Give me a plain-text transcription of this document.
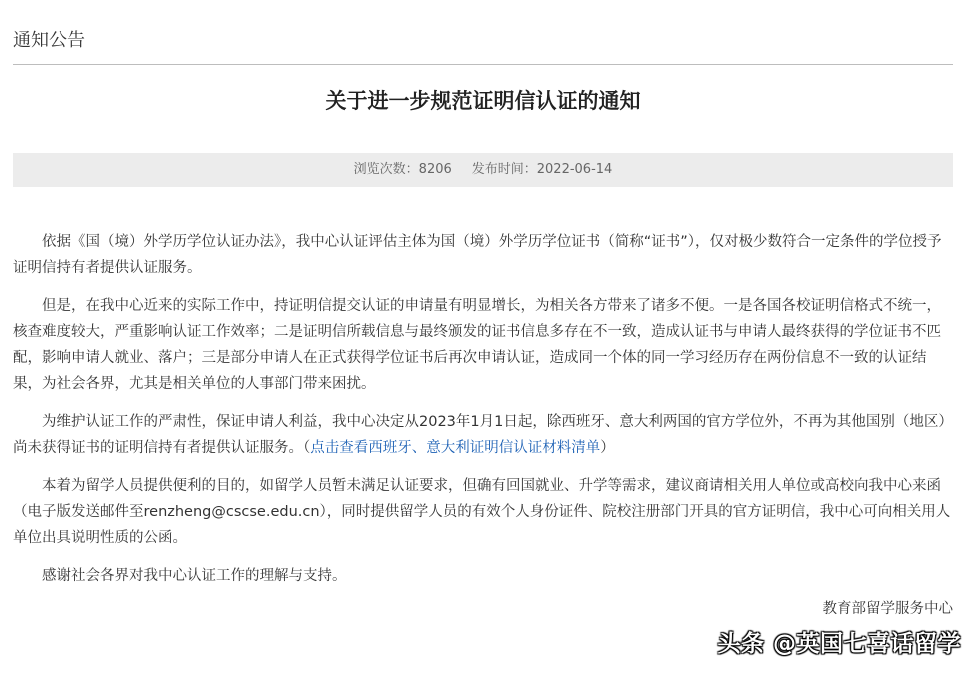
通知公告
关于进一步规范证明信认证的通知
浏览次数：8206 发布时间：2022-06-14

依据《国（境）外学历学位认证办法》，我中心认证评估主体为国（境）外学历学位证书（简称“证书”），仅对极少数符合一定条件的学位授予证明信持有者提供认证服务。

但是，在我中心近来的实际工作中，持证明信提交认证的申请量有明显增长，为相关各方带来了诸多不便。一是各国各校证明信格式不统一，核查难度较大，严重影响认证工作效率；二是证明信所载信息与最终颁发的证书信息多存在不一致，造成认证书与申请人最终获得的学位证书不匹配，影响申请人就业、落户；三是部分申请人在正式获得学位证书后再次申请认证，造成同一个体的同一学习经历存在两份信息不一致的认证结果，为社会各界，尤其是相关单位的人事部门带来困扰。

为维护认证工作的严肃性，保证申请人利益，我中心决定从2023年1月1日起，除西班牙、意大利两国的官方学位外，不再为其他国别（地区）尚未获得证书的证明信持有者提供认证服务。（点击查看西班牙、意大利证明信认证材料清单）

本着为留学人员提供便利的目的，如留学人员暂未满足认证要求，但确有回国就业、升学等需求，建议商请相关用人单位或高校向我中心来函（电子版发送邮件至renzheng@cscse.edu.cn），同时提供留学人员的有效个人身份证件、院校注册部门开具的官方证明信，我中心可向相关用人单位出具说明性质的公函。

感谢社会各界对我中心认证工作的理解与支持。

教育部留学服务中心
头条 @英国七喜话留学
